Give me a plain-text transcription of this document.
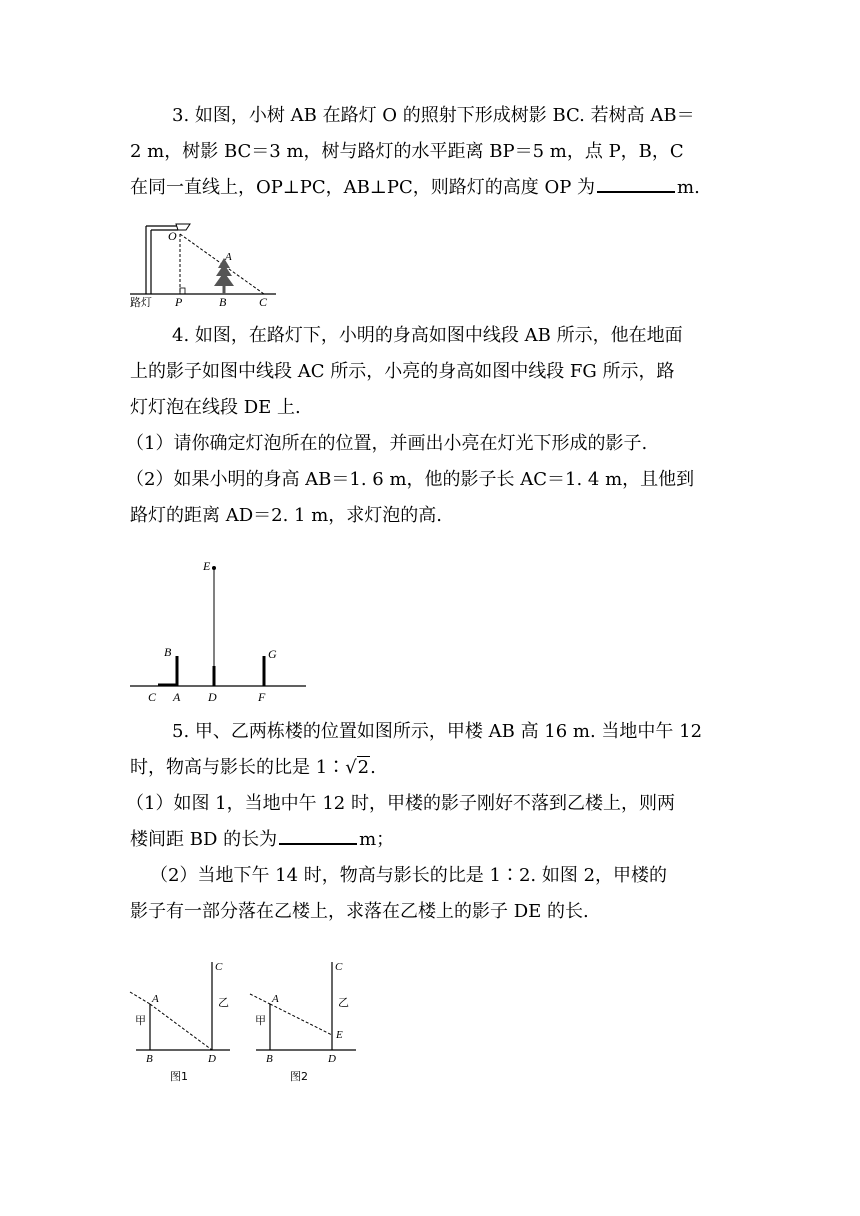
3. 如图，小树 AB 在路灯 O 的照射下形成树影 BC. 若树高 AB＝
2 m，树影 BC＝3 m，树与路灯的水平距离 BP＝5 m，点 P，B，C
在同一直线上，OP⊥PC，AB⊥PC，则路灯的高度 OP 为	m.
O
A
P	B	C
路灯
4. 如图，在路灯下，小明的身高如图中线段 AB 所示，他在地面
上的影子如图中线段 AC 所示，小亮的身高如图中线段 FG 所示，路
灯灯泡在线段 DE 上.
（1）请你确定灯泡所在的位置，并画出小亮在灯光下形成的影子.
（2）如果小明的身高 AB＝1. 6 m，他的影子长 AC＝1. 4 m，且他到
路灯的距离 AD＝2. 1 m，求灯泡的高.
E
B	G
C A D	F
5. 甲、乙两栋楼的位置如图所示，甲楼 AB 高 16 m. 当地中午 12
时，物高与影长的比是 1∶√2.
（1）如图 1，当地中午 12 时，甲楼的影子刚好不落到乙楼上，则两
楼间距 BD 的长为	m；
（2）当地下午 14 时，物高与影长的比是 1∶2. 如图 2，甲楼的
影子有一部分落在乙楼上，求落在乙楼上的影子 DE 的长.
C
A
甲
乙
B	D
图1
C
A
甲
乙
E
B	D
图2
